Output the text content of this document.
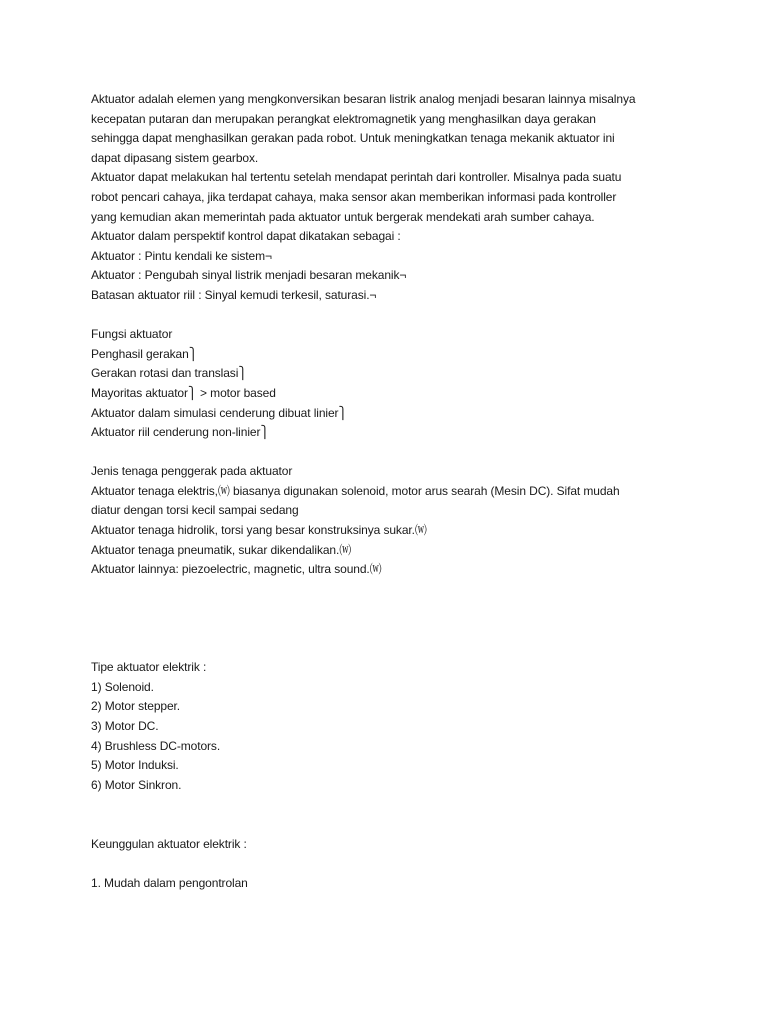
Aktuator adalah elemen yang mengkonversikan besaran listrik analog menjadi besaran lainnya misalnya
kecepatan putaran dan merupakan perangkat elektromagnetik yang menghasilkan daya gerakan
sehingga dapat menghasilkan gerakan pada robot. Untuk meningkatkan tenaga mekanik aktuator ini
dapat dipasang sistem gearbox.
Aktuator dapat melakukan hal tertentu setelah mendapat perintah dari kontroller. Misalnya pada suatu
robot pencari cahaya, jika terdapat cahaya, maka sensor akan memberikan informasi pada kontroller
yang kemudian akan memerintah pada aktuator untuk bergerak mendekati arah sumber cahaya.
Aktuator dalam perspektif kontrol dapat dikatakan sebagai :
Aktuator : Pintu kendali ke sistem¬
Aktuator : Pengubah sinyal listrik menjadi besaran mekanik¬
Batasan aktuator riil : Sinyal kemudi terkesil, saturasi.¬
Fungsi aktuator
Penghasil gerakan⎫
Gerakan rotasi dan translasi⎫
Mayoritas aktuator⎫ > motor based
Aktuator dalam simulasi cenderung dibuat linier⎫
Aktuator riil cenderung non-linier⎫
Jenis tenaga penggerak pada aktuator
Aktuator tenaga elektris,⒲ biasanya digunakan solenoid, motor arus searah (Mesin DC). Sifat mudah
diatur dengan torsi kecil sampai sedang
Aktuator tenaga hidrolik, torsi yang besar konstruksinya sukar.⒲
Aktuator tenaga pneumatik, sukar dikendalikan.⒲
Aktuator lainnya: piezoelectric, magnetic, ultra sound.⒲
Tipe aktuator elektrik :
1) Solenoid.
2) Motor stepper.
3) Motor DC.
4) Brushless DC-motors.
5) Motor Induksi.
6) Motor Sinkron.
Keunggulan aktuator elektrik :
1. Mudah dalam pengontrolan
